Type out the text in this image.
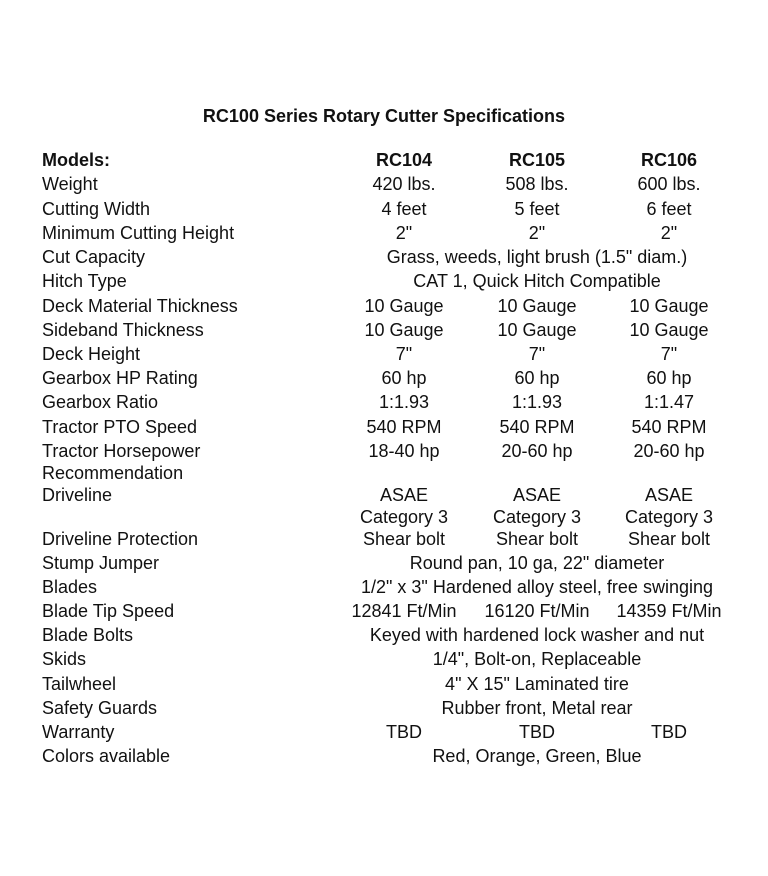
RC100 Series Rotary Cutter Specifications
Models:	RC104	RC105	RC106
Weight	420 lbs.	508 lbs.	600 lbs.
Cutting Width	4 feet	5 feet	6 feet
Minimum Cutting Height	2"	2"	2"
Cut Capacity	Grass, weeds, light brush (1.5" diam.)
Hitch Type	CAT 1, Quick Hitch Compatible
Deck Material Thickness	10 Gauge	10 Gauge	10 Gauge
Sideband Thickness	10 Gauge	10 Gauge	10 Gauge
Deck Height	7"	7"	7"
Gearbox HP Rating	60 hp	60 hp	60 hp
Gearbox Ratio	1:1.93	1:1.93	1:1.47
Tractor PTO Speed	540 RPM	540 RPM	540 RPM
Tractor Horsepower	18-40 hp	20-60 hp	20-60 hp
Recommendation
Driveline	ASAE	ASAE	ASAE
Category 3 Category 3 Category 3
Driveline Protection	Shear bolt	Shear bolt	Shear bolt
Stump Jumper	Round pan, 10 ga, 22" diameter
Blades	1/2" x 3" Hardened alloy steel, free swinging
Blade Tip Speed	12841 Ft/Min 16120 Ft/Min 14359 Ft/Min
Blade Bolts	Keyed with hardened lock washer and nut
Skids	1/4", Bolt-on, Replaceable
Tailwheel	4" X 15" Laminated tire
Safety Guards	Rubber front, Metal rear
Warranty	TBD	TBD	TBD
Colors available	Red, Orange, Green, Blue
